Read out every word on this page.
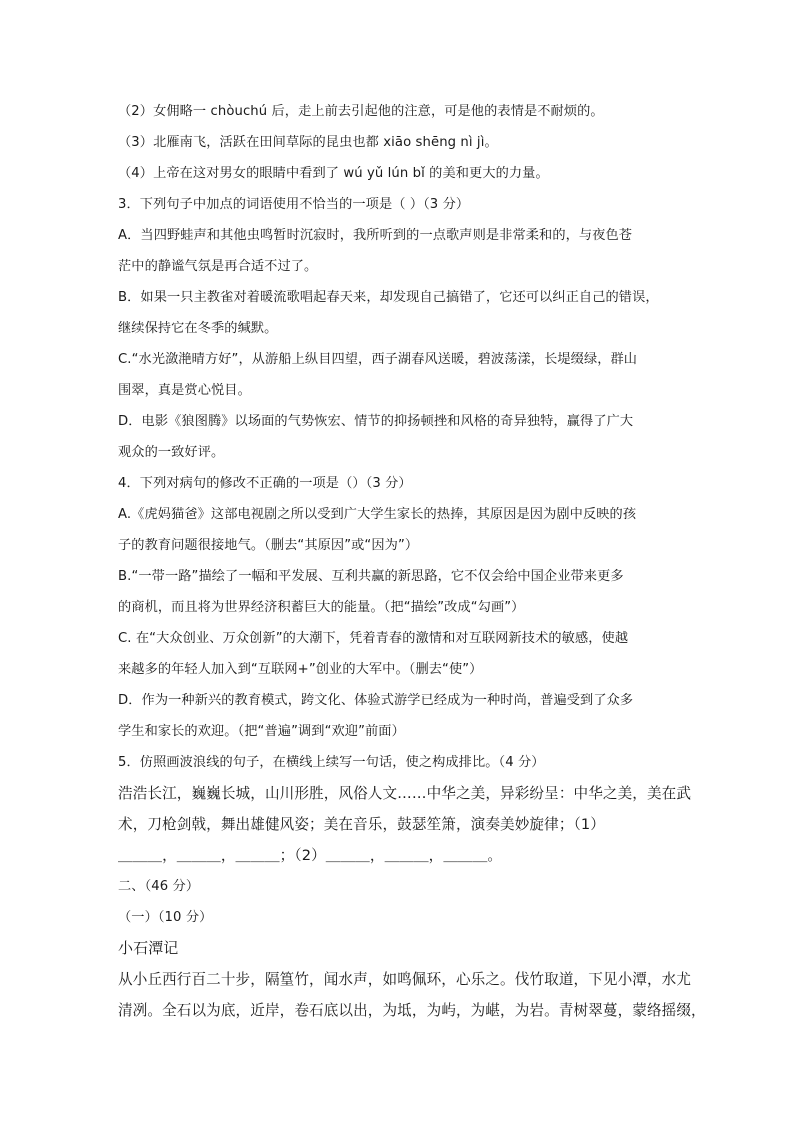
（2）女佣略一 chòuchú 后，走上前去引起他的注意，可是他的表情是不耐烦的。
（3）北雁南飞，活跃在田间草际的昆虫也都 xiāo shēng nì jì。
（4）上帝在这对男女的眼睛中看到了 wú yǔ lún bǐ 的美和更大的力量。
3．下列句子中加点的词语使用不恰当的一项是（ ）（3 分）
A．当四野蛙声和其他虫鸣暂时沉寂时，我所听到的一点歌声则是非常柔和的，与夜色苍
茫中的静谧气氛是再合适不过了。
B．如果一只主教雀对着暖流歌唱起春天来，却发现自己搞错了，它还可以纠正自己的错误，
继续保持它在冬季的缄默。
C.“水光潋滟晴方好”，从游船上纵目四望，西子湖春风送暖，碧波荡漾，长堤缀绿，群山
围翠，真是赏心悦目。
D．电影《狼图腾》以场面的气势恢宏、情节的抑扬顿挫和风格的奇异独特，赢得了广大
观众的一致好评。
4．下列对病句的修改不正确的一项是（）（3 分）
A.《虎妈猫爸》这部电视剧之所以受到广大学生家长的热捧，其原因是因为剧中反映的孩
子的教育问题很接地气。（删去“其原因”或“因为”）
B.“一带一路”描绘了一幅和平发展、互利共赢的新思路，它不仅会给中国企业带来更多
的商机，而且将为世界经济积蓄巨大的能量。（把“描绘”改成“勾画”）
C. 在“大众创业、万众创新”的大潮下，凭着青春的激情和对互联网新技术的敏感，使越
来越多的年轻人加入到“互联网+”创业的大军中。（删去“使”）
D．作为一种新兴的教育模式，跨文化、体验式游学已经成为一种时尚，普遍受到了众多
学生和家长的欢迎。（把“普遍”调到“欢迎”前面）
5．仿照画波浪线的句子，在横线上续写一句话，使之构成排比。（4 分）
浩浩长江，巍巍长城，山川形胜，风俗人文……中华之美，异彩纷呈：中华之美，美在武
术，刀枪剑戟，舞出雄健风姿；美在音乐，鼓瑟笙箫，演奏美妙旋律；（1）
＿＿＿，＿＿＿，＿＿＿；（2）＿＿＿，＿＿＿，＿＿＿。
二、（46 分）
（一）（10 分）
小石潭记
从小丘西行百二十步，隔篁竹，闻水声，如鸣佩环，心乐之。伐竹取道，下见小潭，水尤
清冽。全石以为底，近岸，卷石底以出，为坻，为屿，为嵁，为岩。青树翠蔓，蒙络摇缀，
